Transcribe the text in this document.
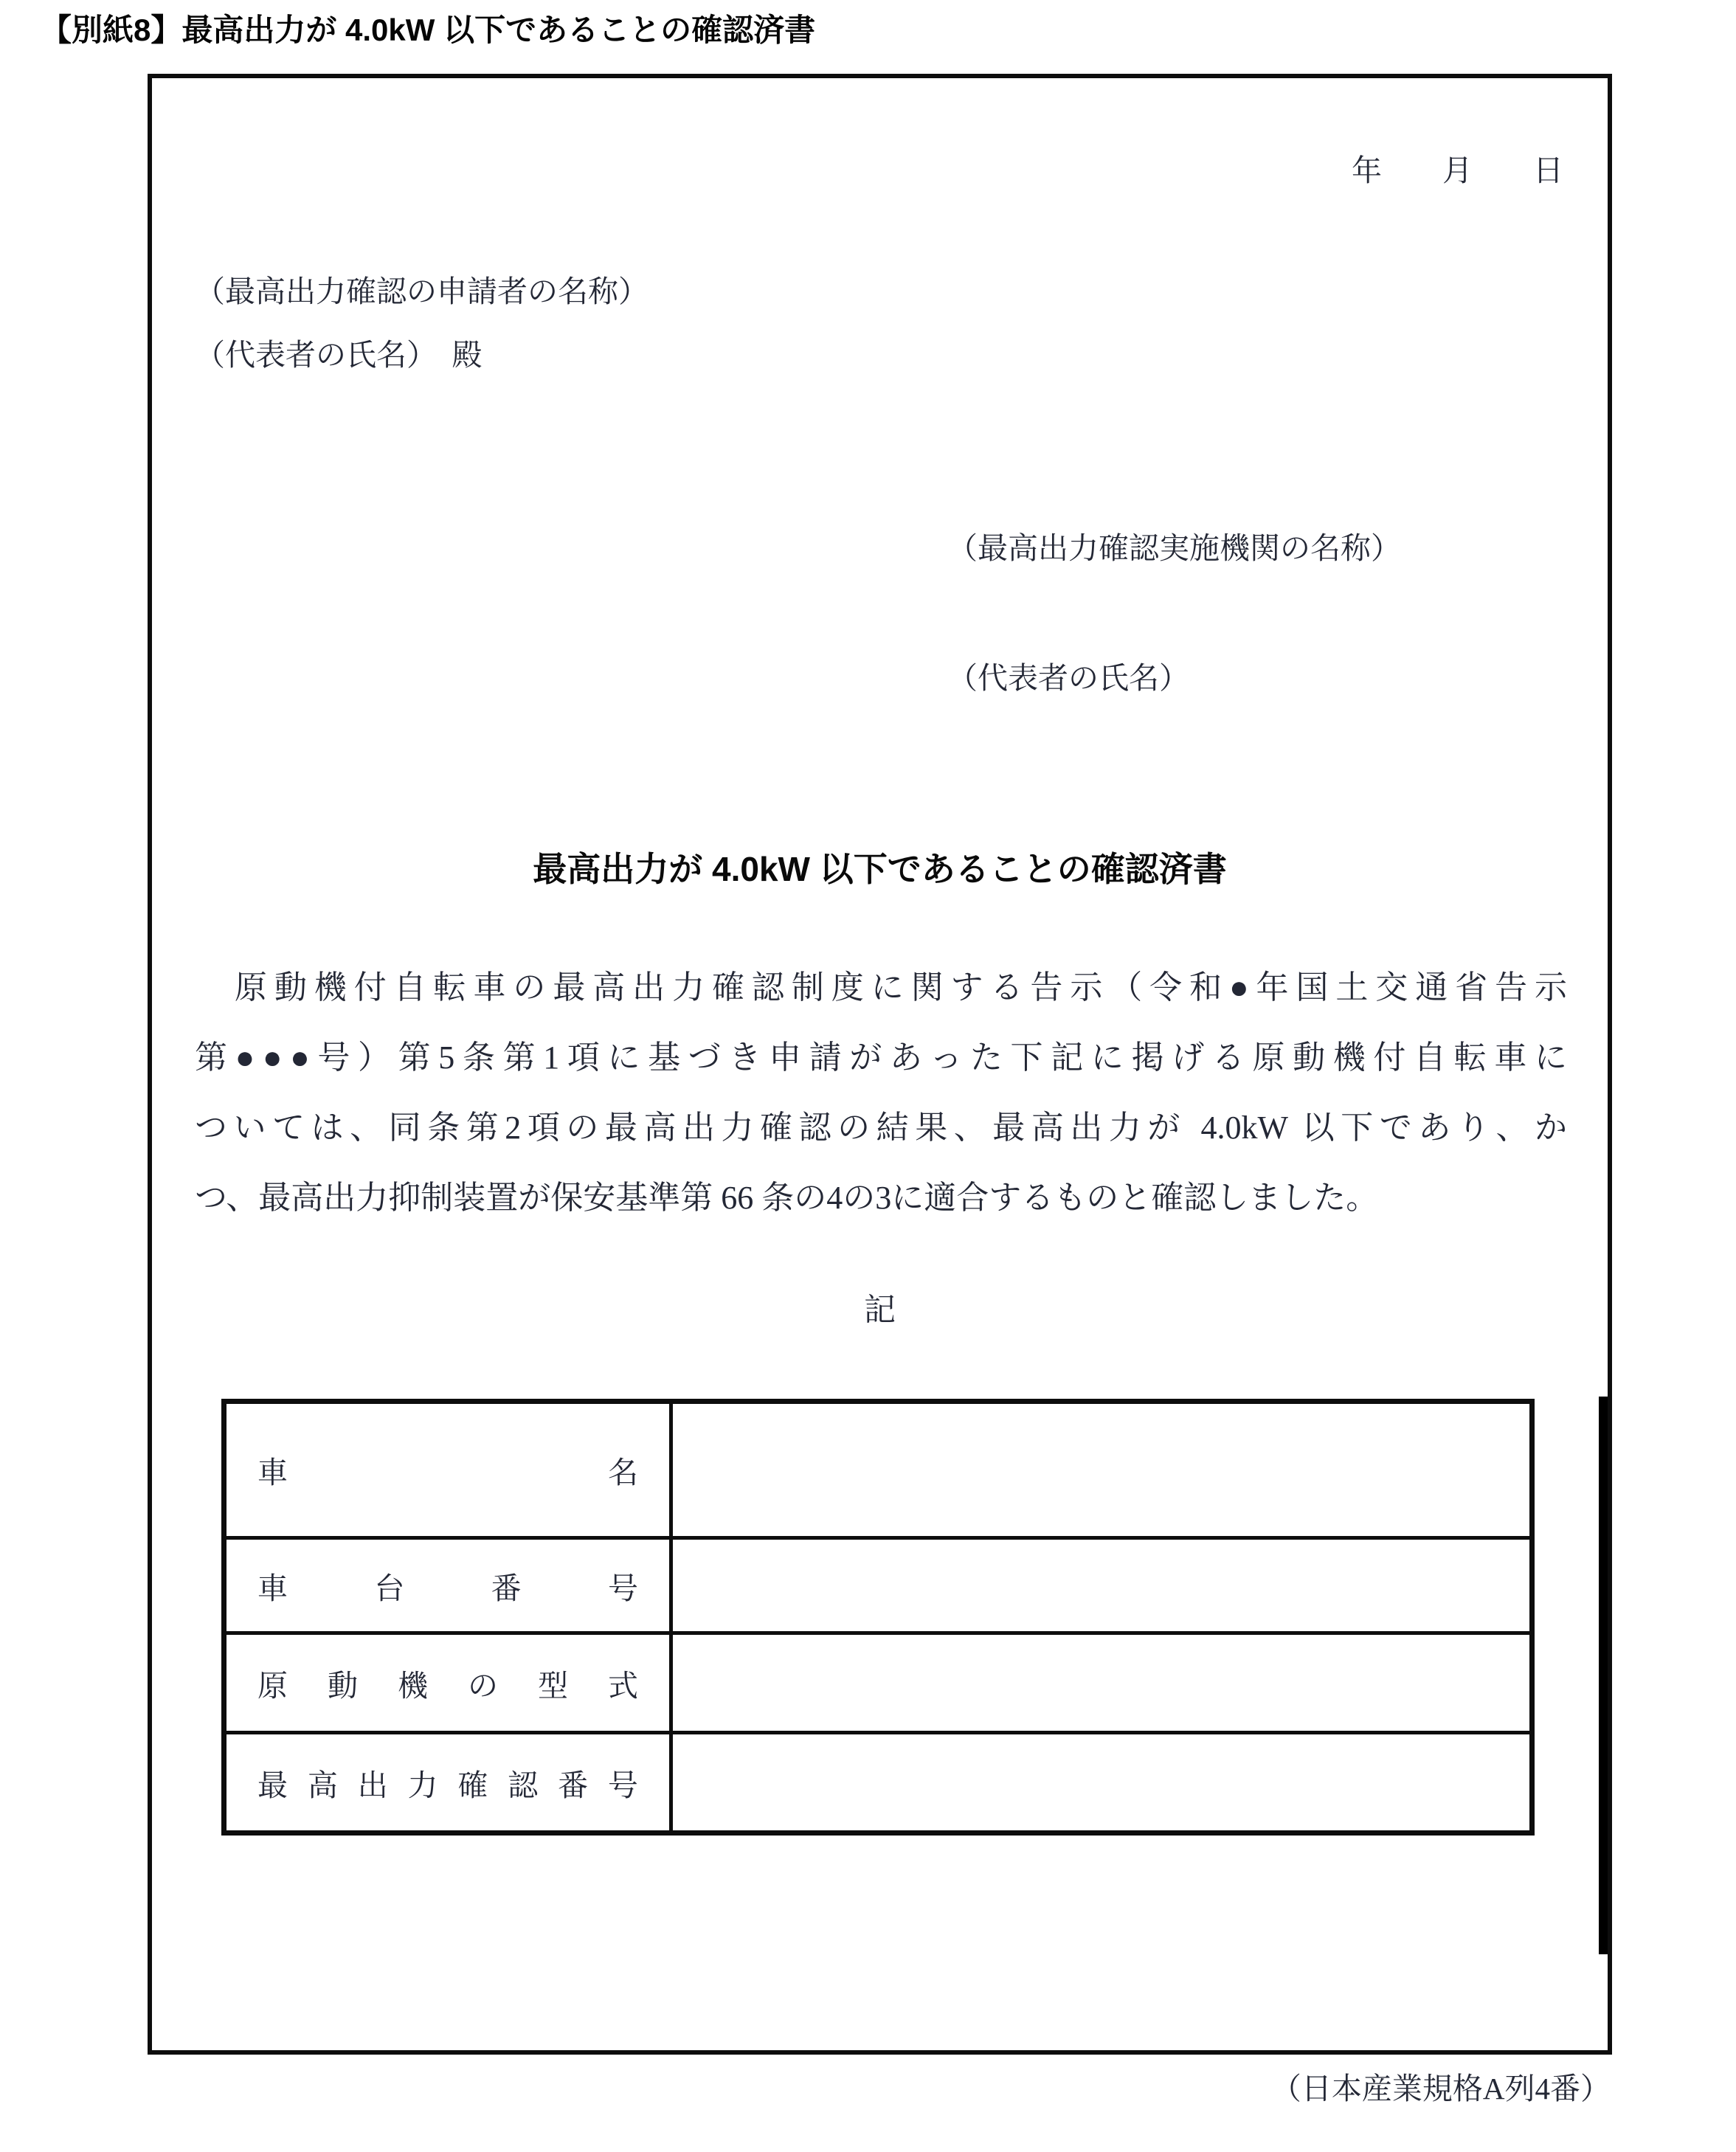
【別紙8】最高出力が 4.0kW 以下であることの確認済書
年　　月　　日
（最高出力確認の申請者の名称）
（代表者の氏名）　殿
（最高出力確認実施機関の名称）
（代表者の氏名）
最高出力が 4.0kW 以下であることの確認済書
　原動機付自転車の最高出力確認制度に関する告示（令和●年国土交通省告示
第●●●号）第5条第1項に基づき申請があった下記に掲げる原動機付自転車に
ついては、同条第2項の最高出力確認の結果、最高出力が 4.0kW 以下であり、か
つ、最高出力抑制装置が保安基準第 66 条の4の3に適合するものと確認しました。
記
車	名
車	台	番	号
原 動 機 の 型 式
最 高 出 力 確 認 番 号
（日本産業規格A列4番）
